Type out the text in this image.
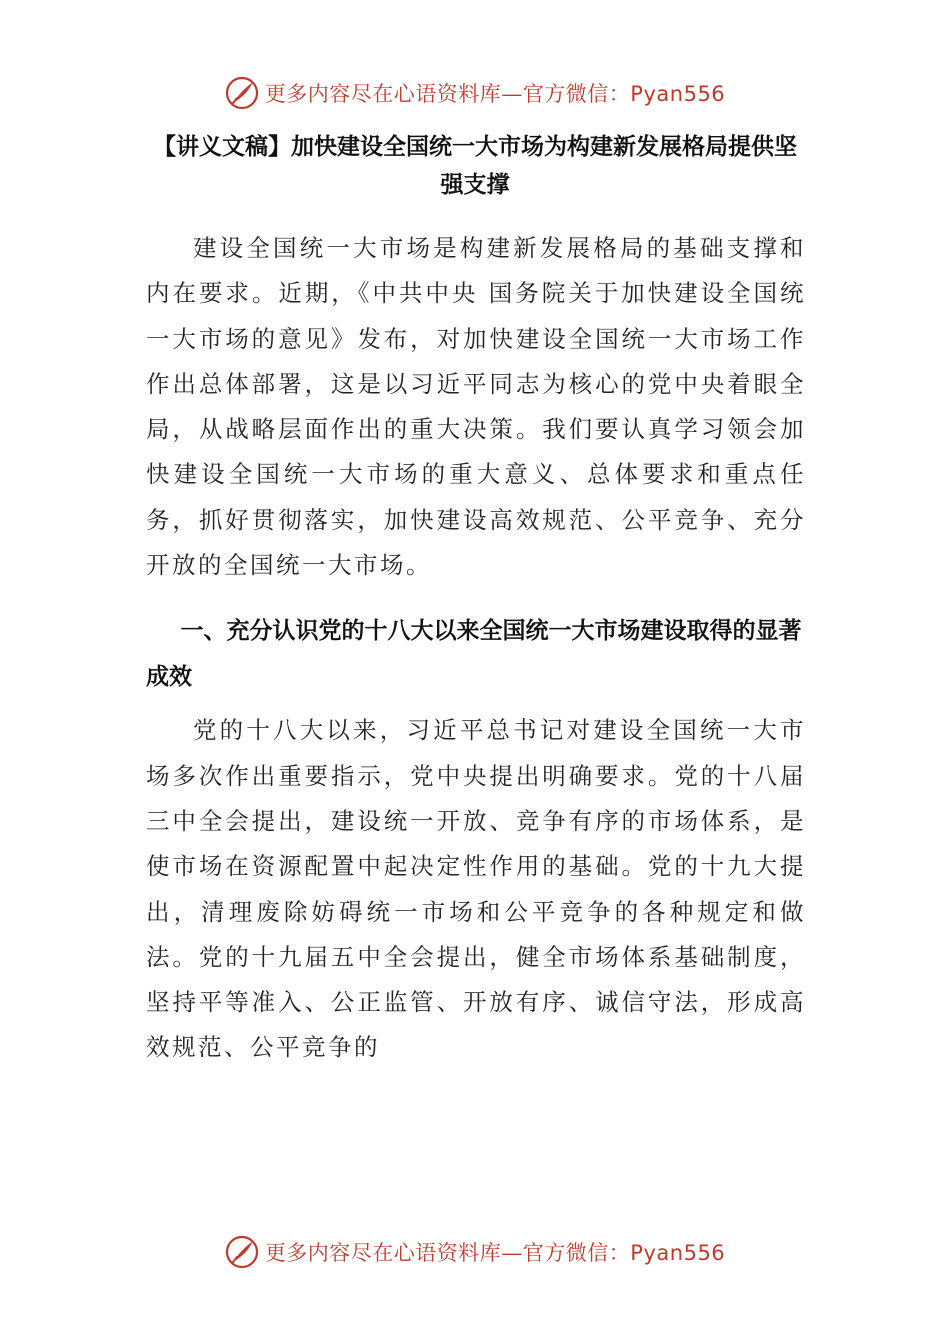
更多内容尽在心语资料库—官方微信：Pyan556
【讲义文稿】加快建设全国统一大市场为构建新发展格局提供坚 强支撑

建设全国统一大市场是构建新发展格局的基础支撑和内在要求。近期，《中共中央 国务院关于加快建设全国统一大市场的意见》发布，对加快建设全国统一大市场工作作出总体部署，这是以习近平同志为核心的党中央着眼全局，从战略层面作出的重大决策。我们要认真学习领会加快建设全国统一大市场的重大意义、总体要求和重点任务，抓好贯彻落实，加快建设高效规范、公平竞争、充分开放的全国统一大市场。

一、充分认识党的十八大以来全国统一大市场建设取得的显著成效

党的十八大以来，习近平总书记对建设全国统一大市场多次作出重要指示，党中央提出明确要求。党的十八届三中全会提出，建设统一开放、竞争有序的市场体系，是使市场在资源配置中起决定性作用的基础。党的十九大提出，清理废除妨碍统一市场和公平竞争的各种规定和做法。党的十九届五中全会提出，健全市场体系基础制度，坚持平等准入、公正监管、开放有序、诚信守法，形成高效规范、公平竞争的

更多内容尽在心语资料库—官方微信：Pyan556
